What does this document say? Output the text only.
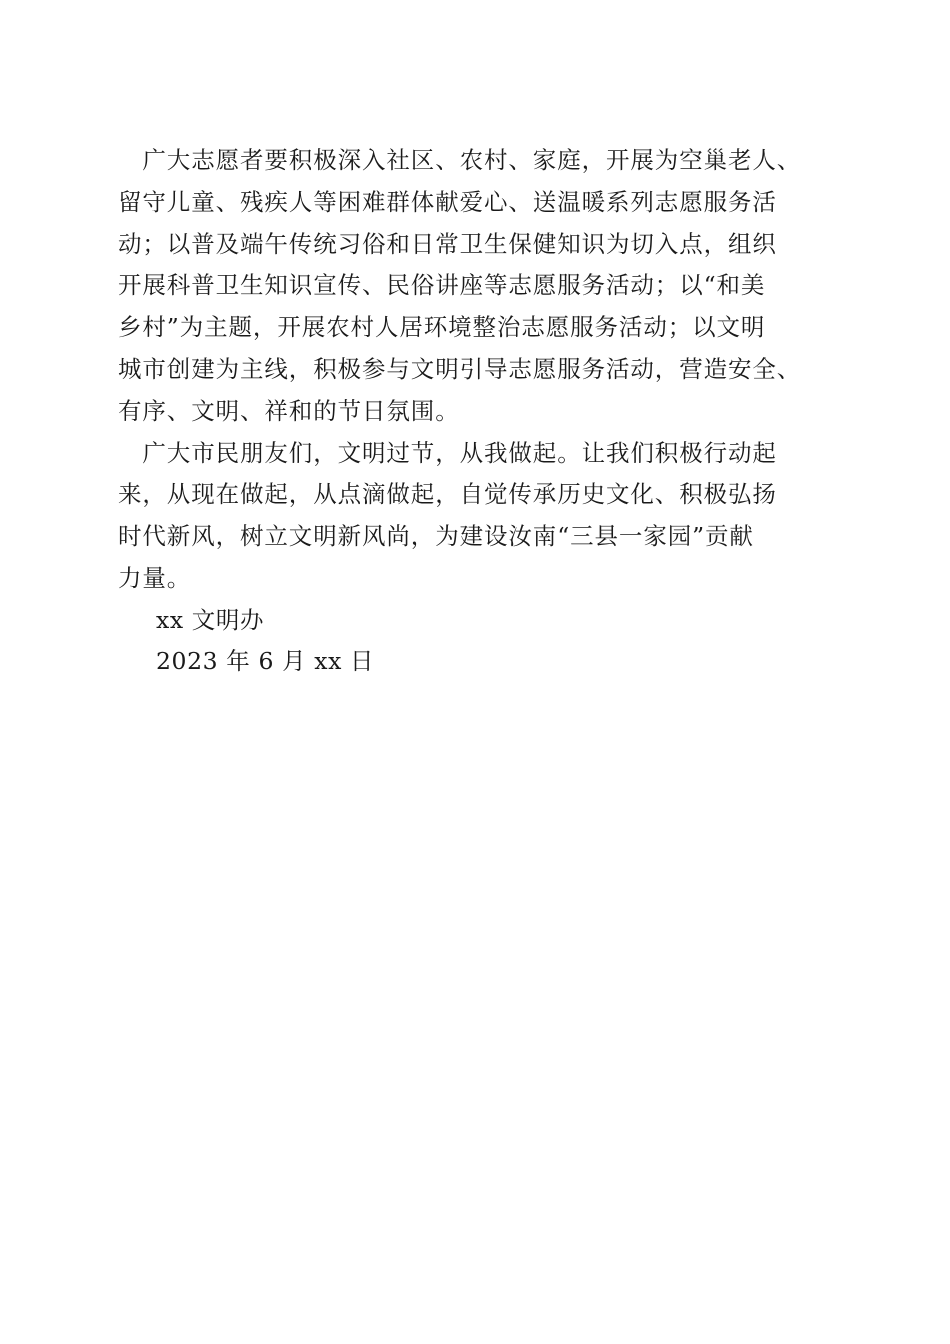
　广大志愿者要积极深入社区、农村、家庭，开展为空巢老人、
留守儿童、残疾人等困难群体献爱心、送温暖系列志愿服务活
动；以普及端午传统习俗和日常卫生保健知识为切入点，组织
开展科普卫生知识宣传、民俗讲座等志愿服务活动；以“和美
乡村”为主题，开展农村人居环境整治志愿服务活动；以文明
城市创建为主线，积极参与文明引导志愿服务活动，营造安全、
有序、文明、祥和的节日氛围。
　广大市民朋友们，文明过节，从我做起。让我们积极行动起
来，从现在做起，从点滴做起，自觉传承历史文化、积极弘扬
时代新风，树立文明新风尚，为建设汝南“三县一家园”贡献
力量。
xx 文明办
2023 年 6 月 xx 日
